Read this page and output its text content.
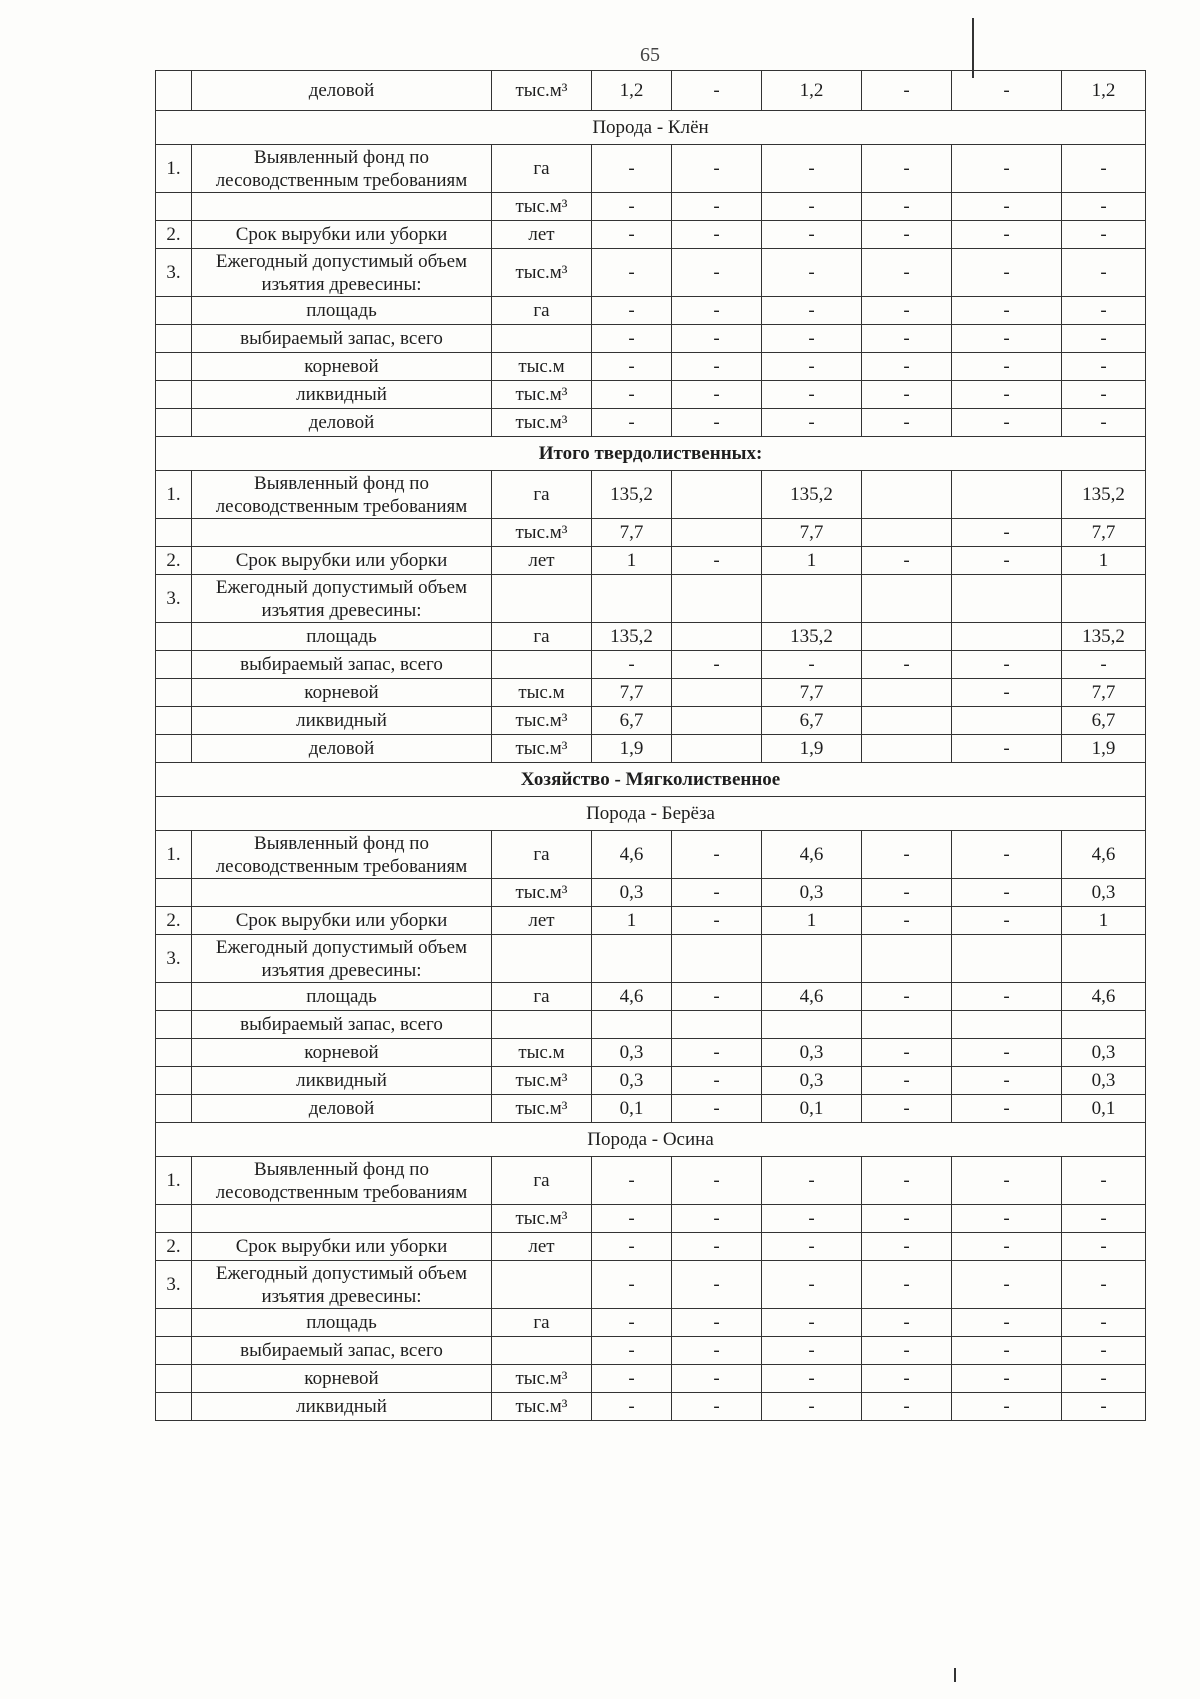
65
	деловой	тыс.м³	1,2	-	1,2	-	-	1,2
Порода - Клён								
1.	Выявленный фонд по лесоводственным требованиям	га	-	-	-	-	-	-
		тыс.м³	-	-	-	-	-	-
2.	Срок вырубки или уборки	лет	-	-	-	-	-	-
3.	Ежегодный допустимый объем изъятия древесины:	тыс.м³	-	-	-	-	-	-
	площадь	га	-	-	-	-	-	-
	выбираемый запас, всего		-	-	-	-	-	-
	корневой	тыс.м	-	-	-	-	-	-
	ликвидный	тыс.м³	-	-	-	-	-	-
	деловой	тыс.м³	-	-	-	-	-	-
Итого твердолиственных:								
1.	Выявленный фонд по лесоводственным требованиям	га	135,2		135,2			135,2
		тыс.м³	7,7		7,7		-	7,7
2.	Срок вырубки или уборки	лет	1	-	1	-	-	1
3.	Ежегодный допустимый объем изъятия древесины:							
	площадь	га	135,2		135,2			135,2
	выбираемый запас, всего		-	-	-	-	-	-
	корневой	тыс.м	7,7		7,7		-	7,7
	ликвидный	тыс.м³	6,7		6,7			6,7
	деловой	тыс.м³	1,9		1,9		-	1,9
Хозяйство - Мягколиственное								
Порода - Берёза								
1.	Выявленный фонд по лесоводственным требованиям	га	4,6	-	4,6	-	-	4,6
		тыс.м³	0,3	-	0,3	-	-	0,3
2.	Срок вырубки или уборки	лет	1	-	1	-	-	1
3.	Ежегодный допустимый объем изъятия древесины:							
	площадь	га	4,6	-	4,6	-	-	4,6
	выбираемый запас, всего							
	корневой	тыс.м	0,3	-	0,3	-	-	0,3
	ликвидный	тыс.м³	0,3	-	0,3	-	-	0,3
	деловой	тыс.м³	0,1	-	0,1	-	-	0,1
Порода - Осина								
1.	Выявленный фонд по лесоводственным требованиям	га	-	-	-	-	-	-
		тыс.м³	-	-	-	-	-	-
2.	Срок вырубки или уборки	лет	-	-	-	-	-	-
3.	Ежегодный допустимый объем изъятия древесины:		-	-	-	-	-	-
	площадь	га	-	-	-	-	-	-
	выбираемый запас, всего		-	-	-	-	-	-
	корневой	тыс.м³	-	-	-	-	-	-
	ликвидный	тыс.м³	-	-	-	-	-	-
